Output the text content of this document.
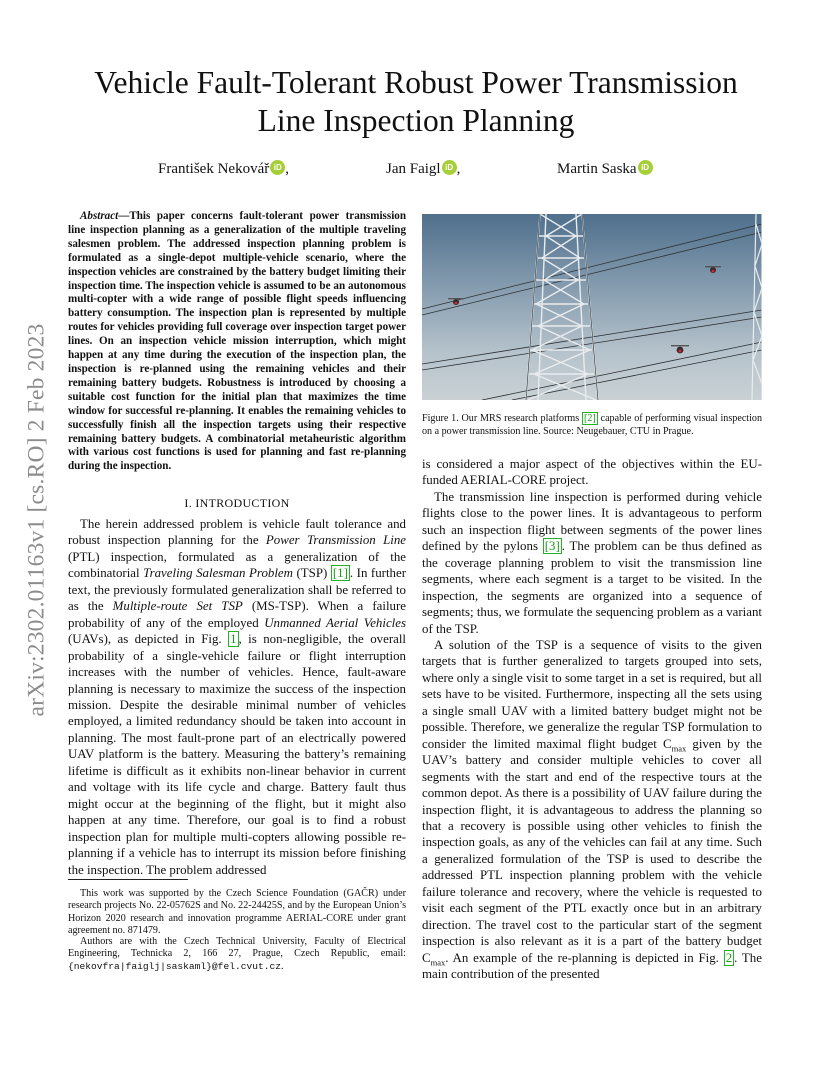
arXiv:2302.01163v1 [cs.RO] 2 Feb 2023
Vehicle Fault-Tolerant Robust Power Transmission
Line Inspection Planning
František Nekovář iD ,	Jan Faigl iD ,	Martin Saska iD
Abstract—This paper concerns fault-tolerant power transmission line inspection planning as a generalization of the multiple traveling salesmen problem. The addressed inspection planning problem is formulated as a single-depot multiple-vehicle scenario, where the inspection vehicles are constrained by the battery budget limiting their inspection time. The inspection vehicle is assumed to be an autonomous multi-copter with a wide range of possible flight speeds influencing battery consumption. The inspection plan is represented by multiple routes for vehicles providing full coverage over inspection target power lines. On an inspection vehicle mission interruption, which might happen at any time during the execution of the inspection plan, the inspection is re-planned using the remaining vehicles and their remaining battery budgets. Robustness is introduced by choosing a suitable cost function for the initial plan that maximizes the time window for successful re-planning. It enables the remaining vehicles to successfully finish all the inspection targets using their respective remaining battery budgets. A combinatorial metaheuristic algorithm with various cost functions is used for planning and fast re-planning during the inspection.
I. INTRODUCTION

The herein addressed problem is vehicle fault tolerance and robust inspection planning for the Power Transmission Line (PTL) inspection, formulated as a generalization of the combinatorial Traveling Salesman Problem (TSP) [1] . In further text, the previously formulated generalization shall be referred to as the Multiple-route Set TSP (MS-TSP). When a failure probability of any of the employed Unmanned Aerial Vehicles (UAVs), as depicted in Fig. 1 , is non-negligible, the overall probability of a single-vehicle failure or flight interruption increases with the number of vehicles. Hence, fault-aware planning is necessary to maximize the success of the inspection mission. Despite the desirable minimal number of vehicles employed, a limited redundancy should be taken into account in planning. The most fault-prone part of an electrically powered UAV platform is the battery. Measuring the battery’s remaining lifetime is difficult as it exhibits non-linear behavior in current and voltage with its life cycle and charge. Battery fault thus might occur at the beginning of the flight, but it might also happen at any time. Therefore, our goal is to find a robust inspection plan for multiple multi-copters allowing possible re-planning if a vehicle has to interrupt its mission before finishing the inspection. The problem addressed

This work was supported by the Czech Science Foundation (GAČR) under research projects No. 22-05762S and No. 22-24425S, and by the European Union’s Horizon 2020 research and innovation programme AERIAL-CORE under grant agreement no. 871479.
Authors are with the Czech Technical University, Faculty of Electrical Engineering, Technicka 2, 166 27, Prague, Czech Republic, email: {nekovfra|faiglj|saskaml}@fel.cvut.cz.
Figure 1. Our MRS research platforms [2] capable of performing visual inspection on a power transmission line. Source: Neugebauer, CTU in Prague.

is considered a major aspect of the objectives within the EU-funded AERIAL-CORE project.

The transmission line inspection is performed during vehicle flights close to the power lines. It is advantageous to perform such an inspection flight between segments of the power lines defined by the pylons [3] . The problem can be thus defined as the coverage planning problem to visit the transmission line segments, where each segment is a target to be visited. In the inspection, the segments are organized into a sequence of segments; thus, we formulate the sequencing problem as a variant of the TSP.

A solution of the TSP is a sequence of visits to the given targets that is further generalized to targets grouped into sets, where only a single visit to some target in a set is required, but all sets have to be visited. Furthermore, inspecting all the sets using a single small UAV with a limited battery budget might not be possible. Therefore, we generalize the regular TSP formulation to consider the limited maximal flight budget $C_{max}$ given by the UAV’s battery and consider multiple vehicles to cover all segments with the start and end of the respective tours at the common depot. As there is a possibility of UAV failure during the inspection flight, it is advantageous to address the planning so that a recovery is possible using other vehicles to finish the inspection goals, as any of the vehicles can fail at any time. Such a generalized formulation of the TSP is used to describe the addressed PTL inspection planning problem with the vehicle failure tolerance and recovery, where the vehicle is requested to visit each segment of the PTL exactly once but in an arbitrary direction. The travel cost to the particular start of the segment inspection is also relevant as it is a part of the battery budget $C_{max}$. An example of the re-planning is depicted in Fig. 2 . The main contribution of the presented
